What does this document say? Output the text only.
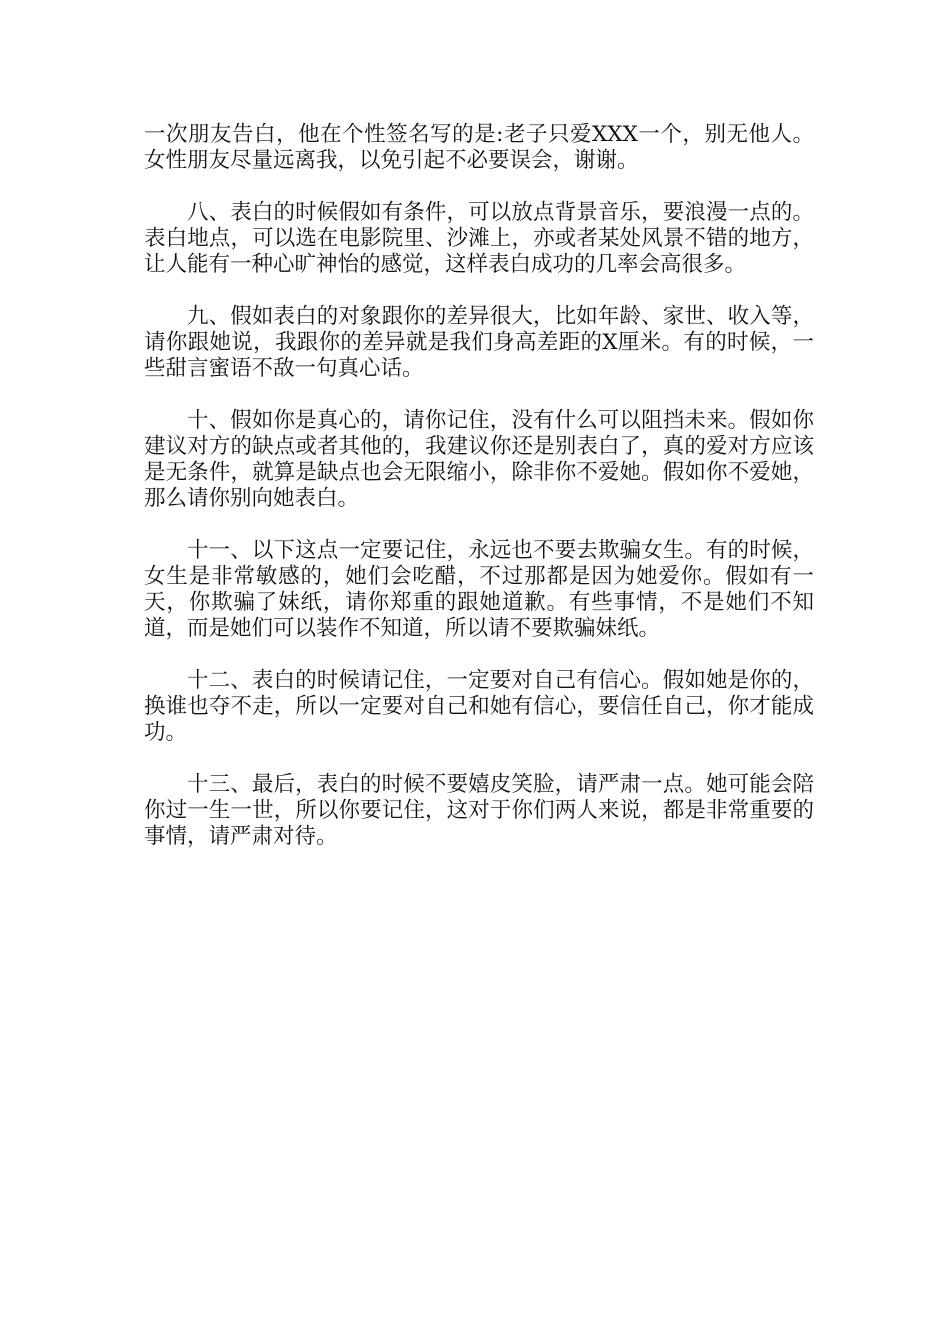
一次朋友告白，他在个性签名写的是:老子只爱XXX一个，别无他人。女性朋友尽量远离我，以免引起不必要误会，谢谢。

八、表白的时候假如有条件，可以放点背景音乐，要浪漫一点的。表白地点，可以选在电影院里、沙滩上，亦或者某处风景不错的地方，让人能有一种心旷神怡的感觉，这样表白成功的几率会高很多。

九、假如表白的对象跟你的差异很大，比如年龄、家世、收入等，请你跟她说，我跟你的差异就是我们身高差距的X厘米。有的时候，一些甜言蜜语不敌一句真心话。

十、假如你是真心的，请你记住，没有什么可以阻挡未来。假如你建议对方的缺点或者其他的，我建议你还是别表白了，真的爱对方应该是无条件，就算是缺点也会无限缩小，除非你不爱她。假如你不爱她，那么请你别向她表白。

十一、以下这点一定要记住，永远也不要去欺骗女生。有的时候，女生是非常敏感的，她们会吃醋，不过那都是因为她爱你。假如有一天，你欺骗了妹纸，请你郑重的跟她道歉。有些事情，不是她们不知道，而是她们可以装作不知道，所以请不要欺骗妹纸。

十二、表白的时候请记住，一定要对自己有信心。假如她是你的，换谁也夺不走，所以一定要对自己和她有信心，要信任自己，你才能成功。

十三、最后，表白的时候不要嬉皮笑脸，请严肃一点。她可能会陪你过一生一世，所以你要记住，这对于你们两人来说，都是非常重要的事情，请严肃对待。
